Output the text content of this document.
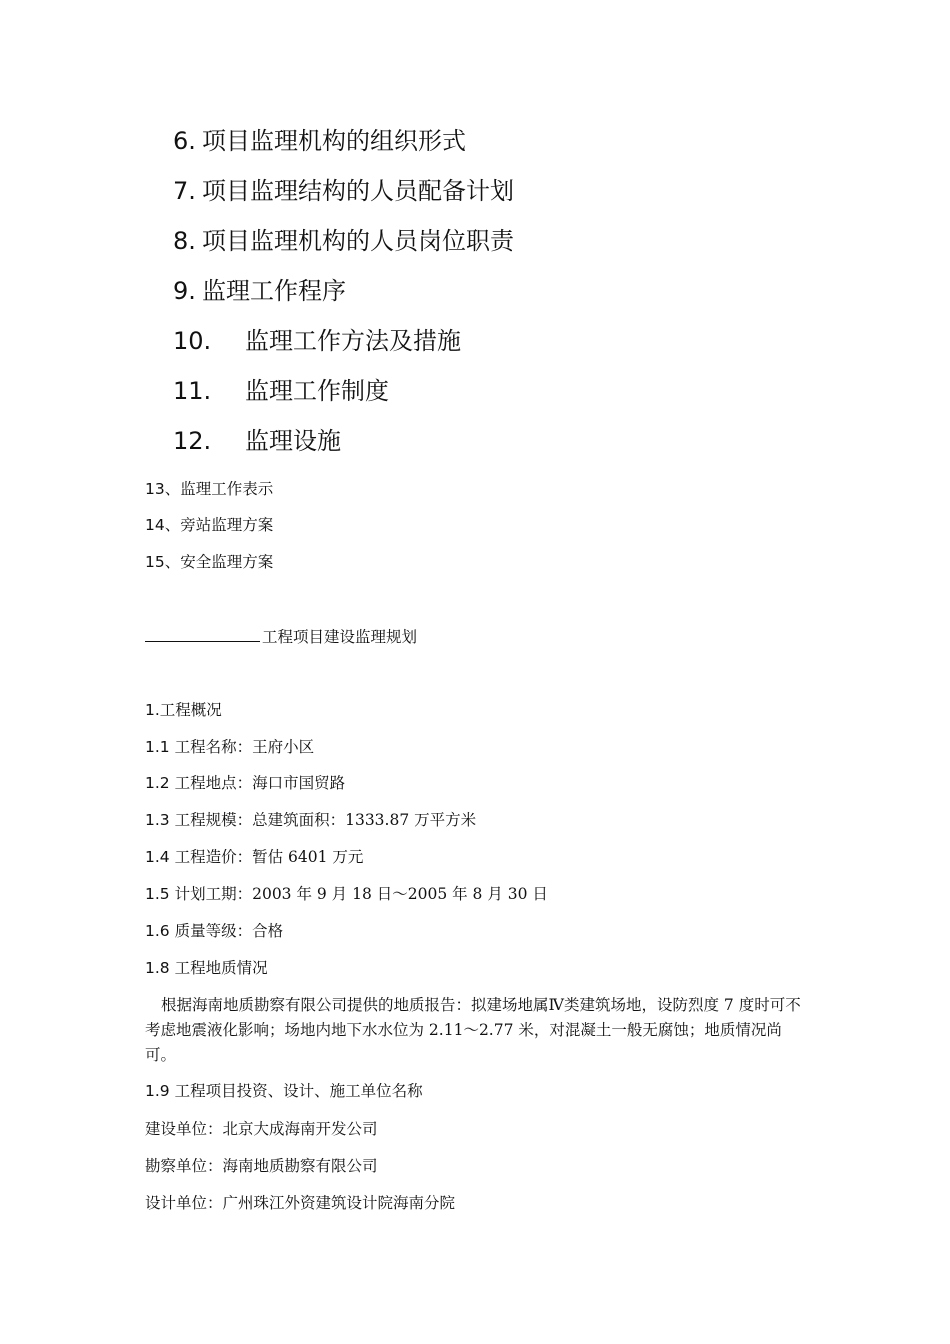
6. 项目监理机构的组织形式
7. 项目监理结构的人员配备计划
8. 项目监理机构的人员岗位职责
9. 监理工作程序
10. 监理工作方法及措施
11. 监理工作制度
12. 监理设施
13、监理工作表示
14、旁站监理方案
15、安全监理方案
工程项目建设监理规划
1.工程概况
1.1 工程名称：王府小区
1.2 工程地点：海口市国贸路
1.3 工程规模：总建筑面积：1333.87 万平方米
1.4 工程造价：暂估 6401 万元
1.5 计划工期：2003 年 9 月 18 日～2005 年 8 月 30 日
1.6 质量等级：合格
1.8 工程地质情况
根据海南地质勘察有限公司提供的地质报告：拟建场地属Ⅳ类建筑场地，设防烈度 7 度时可不考虑地震液化影响；场地内地下水水位为 2.11～2.77 米，对混凝土一般无腐蚀；地质情况尚可。
1.9 工程项目投资、设计、施工单位名称
建设单位：北京大成海南开发公司
勘察单位：海南地质勘察有限公司
设计单位：广州珠江外资建筑设计院海南分院
